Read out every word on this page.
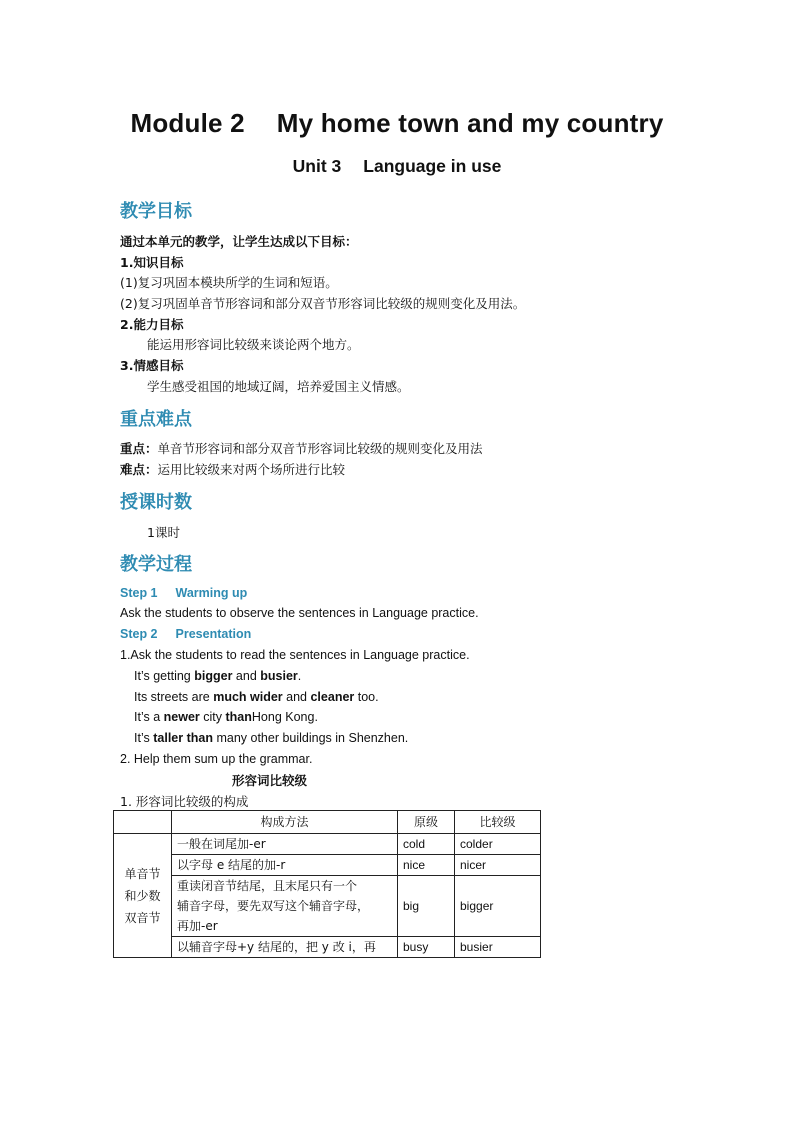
Module 2 My home town and my country
Unit 3 Language in use
教学目标
通过本单元的教学，让学生达成以下目标：
1.知识目标
(1)复习巩固本模块所学的生词和短语。
(2)复习巩固单音节形容词和部分双音节形容词比较级的规则变化及用法。
2.能力目标
能运用形容词比较级来谈论两个地方。
3.情感目标
学生感受祖国的地域辽阔，培养爱国主义情感。
重点难点
重点：单音节形容词和部分双音节形容词比较级的规则变化及用法
难点：运用比较级来对两个场所进行比较
授课时数
1课时
教学过程
Step 1 Warming up
Ask the students to observe the sentences in Language practice.
Step 2 Presentation
1.Ask the students to read the sentences in Language practice.
It’s getting bigger and busier.
Its streets are much wider and cleaner too.
It’s a newer city thanHong Kong.
It’s taller than many other buildings in Shenzhen.
2. Help them sum up the grammar.
形容词比较级
1. 形容词比较级的构成
	构成方法	原级	比较级

单音节
和少数
双音节	一般在词尾加-er	cold	colder
	以字母 e 结尾的加-r	nice	nicer

	重读闭音节结尾，且末尾只有一个
辅音字母，要先双写这个辅音字母，
再加-er	big	bigger
	以辅音字母+y 结尾的，把 y 改 i，再	busy	busier
